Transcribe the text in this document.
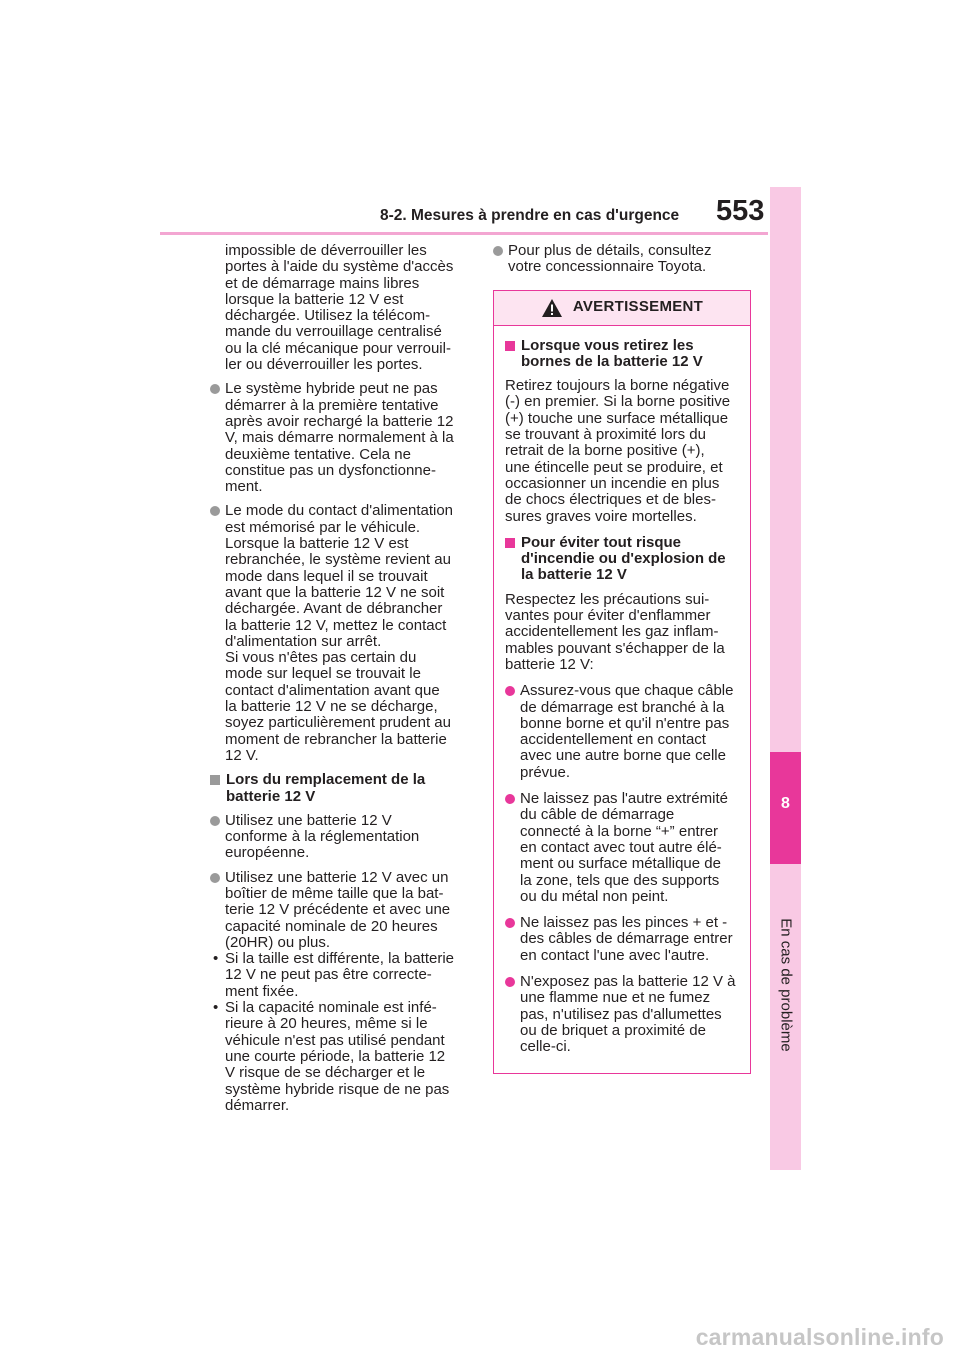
8-2. Mesures à prendre en cas d'urgence 553
8
En cas de problème

impossible de déverrouiller les
portes à l'aide du système d'accès
et de démarrage mains libres
lorsque la batterie 12 V est
déchargée. Utilisez la télécom-
mande du verrouillage centralisé
ou la clé mécanique pour verrouil-
ler ou déverrouiller les portes.

Le système hybride peut ne pas
démarrer à la première tentative
après avoir rechargé la batterie 12
V, mais démarre normalement à la
deuxième tentative. Cela ne
constitue pas un dysfonctionne-
ment.

Le mode du contact d'alimentation
est mémorisé par le véhicule.
Lorsque la batterie 12 V est
rebranchée, le système revient au
mode dans lequel il se trouvait
avant que la batterie 12 V ne soit
déchargée. Avant de débrancher
la batterie 12 V, mettez le contact
d'alimentation sur arrêt.
Si vous n'êtes pas certain du
mode sur lequel se trouvait le
contact d'alimentation avant que
la batterie 12 V ne se décharge,
soyez particulièrement prudent au
moment de rebrancher la batterie
12 V.

Lors du remplacement de la
batterie 12 V

Utilisez une batterie 12 V
conforme à la réglementation
européenne.

Utilisez une batterie 12 V avec un
boîtier de même taille que la bat-
terie 12 V précédente et avec une
capacité nominale de 20 heures
(20HR) ou plus.

• Si la taille est différente, la batterie
12 V ne peut pas être correcte-
ment fixée.

• Si la capacité nominale est infé-
rieure à 20 heures, même si le
véhicule n'est pas utilisé pendant
une courte période, la batterie 12
V risque de se décharger et le
système hybride risque de ne pas
démarrer.

Pour plus de détails, consultez
votre concessionnaire Toyota.

AVERTISSEMENT

Lorsque vous retirez les
bornes de la batterie 12 V

Retirez toujours la borne négative
(-) en premier. Si la borne positive
(+) touche une surface métallique
se trouvant à proximité lors du
retrait de la borne positive (+),
une étincelle peut se produire, et
occasionner un incendie en plus
de chocs électriques et de bles-
sures graves voire mortelles.

Pour éviter tout risque
d'incendie ou d'explosion de
la batterie 12 V

Respectez les précautions sui-
vantes pour éviter d'enflammer
accidentellement les gaz inflam-
mables pouvant s'échapper de la
batterie 12 V:

Assurez-vous que chaque câble
de démarrage est branché à la
bonne borne et qu'il n'entre pas
accidentellement en contact
avec une autre borne que celle
prévue.

Ne laissez pas l'autre extrémité
du câble de démarrage
connecté à la borne “+” entrer
en contact avec tout autre élé-
ment ou surface métallique de
la zone, tels que des supports
ou du métal non peint.

Ne laissez pas les pinces + et -
des câbles de démarrage entrer
en contact l'une avec l'autre.

N'exposez pas la batterie 12 V à
une flamme nue et ne fumez
pas, n'utilisez pas d'allumettes
ou de briquet a proximité de
celle-ci.

carmanualsonline.info
